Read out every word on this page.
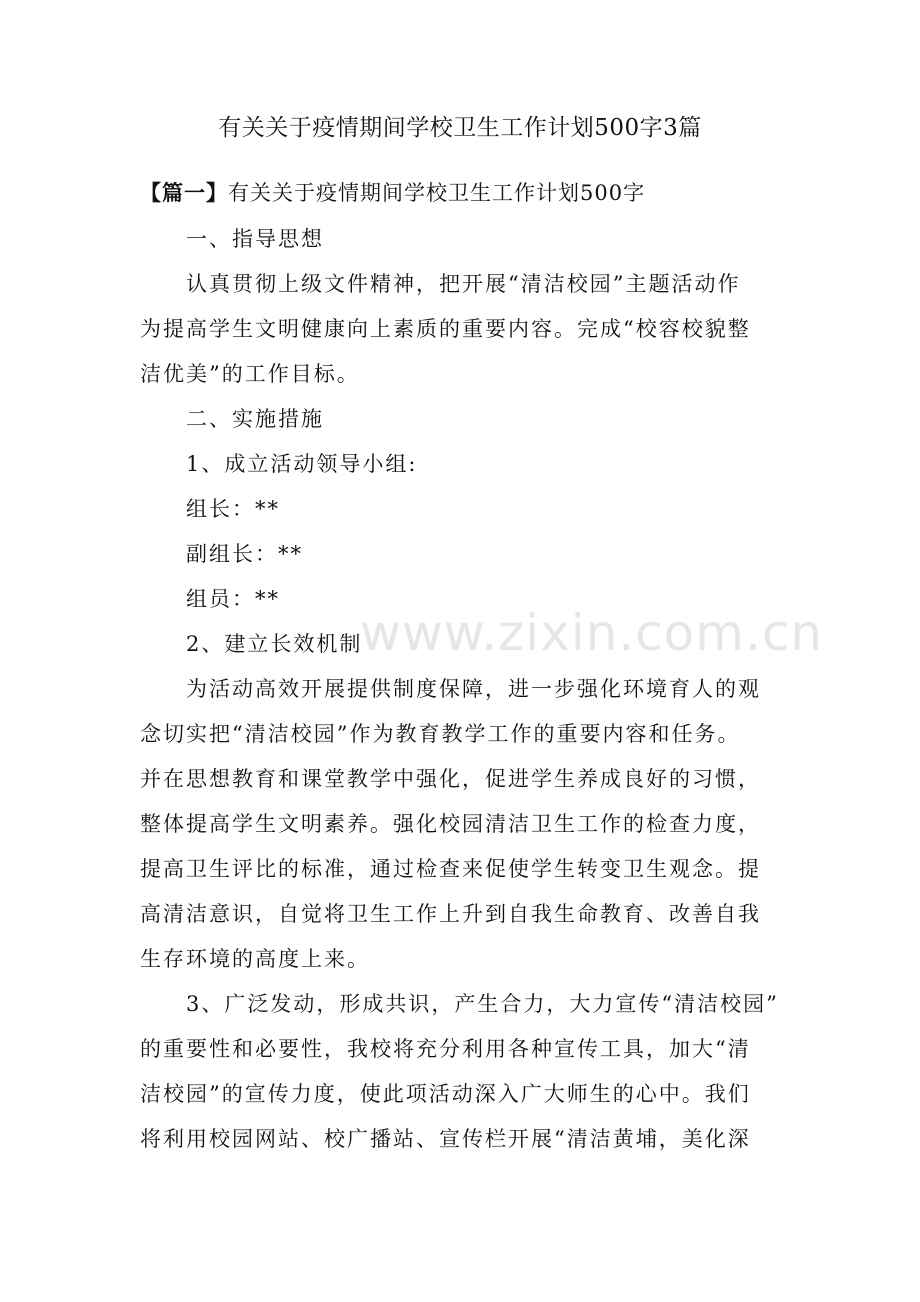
有关关于疫情期间学校卫生工作计划500字3篇
【篇一】有关关于疫情期间学校卫生工作计划500字

一、指导思想

认真贯彻上级文件精神，把开展“清洁校园”主题活动作

为提高学生文明健康向上素质的重要内容。完成“校容校貌整

洁优美”的工作目标。

二、实施措施

1、成立活动领导小组:

组长：**

副组长：**

组员：**

2、建立长效机制

为活动高效开展提供制度保障，进一步强化环境育人的观

念切实把“清洁校园”作为教育教学工作的重要内容和任务。

并在思想教育和课堂教学中强化，促进学生养成良好的习惯，

整体提高学生文明素养。强化校园清洁卫生工作的检查力度，

提高卫生评比的标准，通过检查来促使学生转变卫生观念。提

高清洁意识，自觉将卫生工作上升到自我生命教育、改善自我

生存环境的高度上来。

3、广泛发动，形成共识，产生合力，大力宣传“清洁校园”

的重要性和必要性，我校将充分利用各种宣传工具，加大“清

洁校园”的宣传力度，使此项活动深入广大师生的心中。我们

将利用校园网站、校广播站、宣传栏开展“清洁黄埔，美化深

www.zixin.com.cn
